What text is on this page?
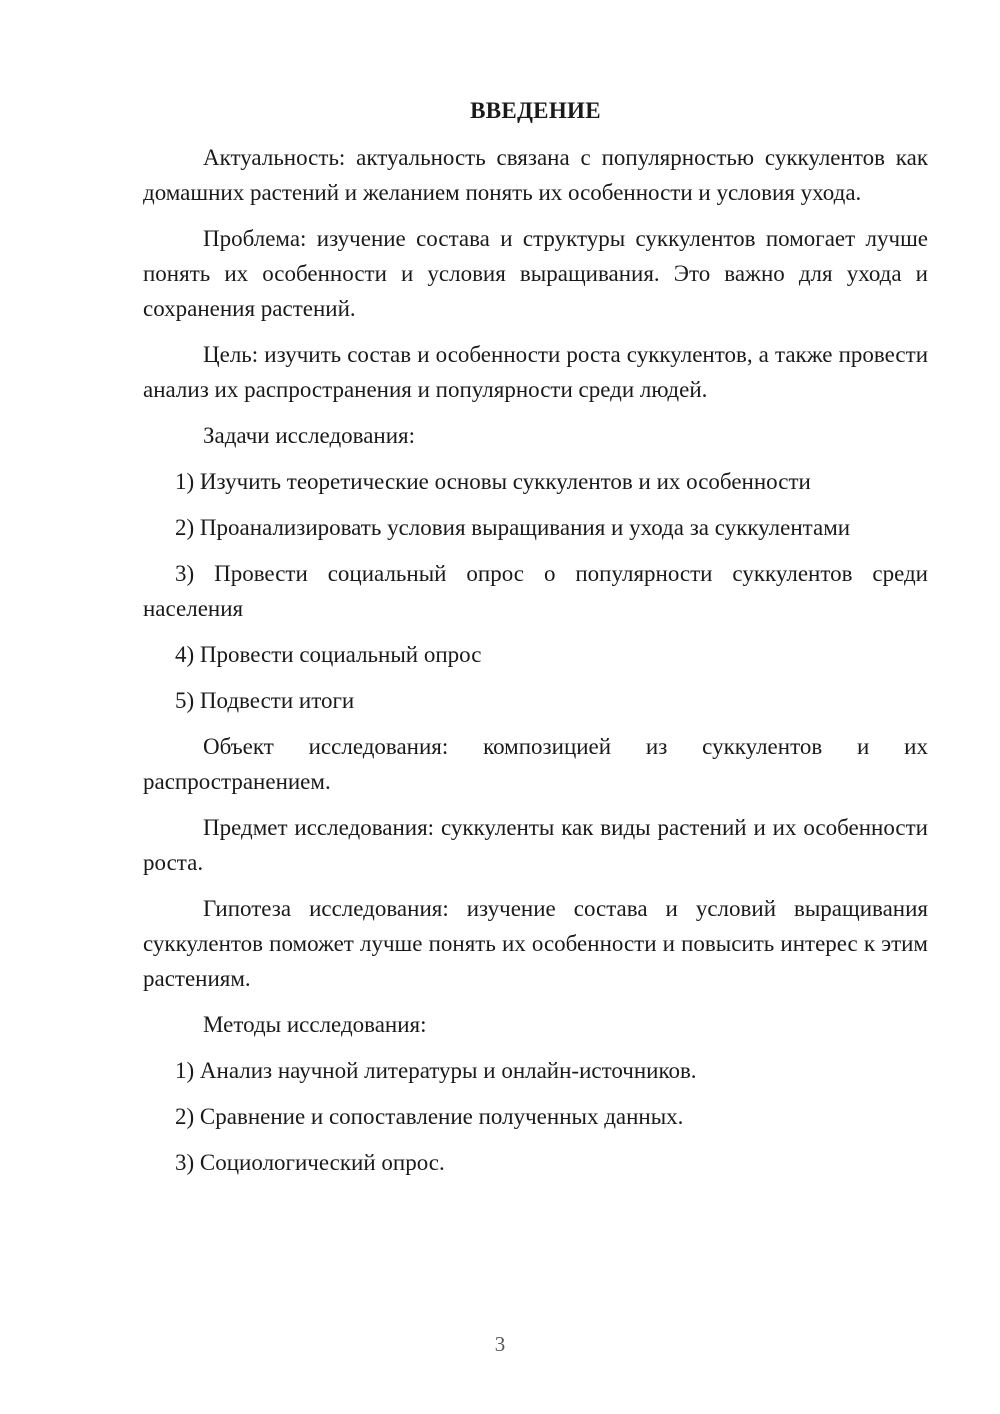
ВВЕДЕНИЕ

Актуальность: актуальность связана с популярностью суккулентов как домашних растений и желанием понять их особенности и условия ухода.

Проблема: изучение состава и структуры суккулентов помогает лучше понять их особенности и условия выращивания. Это важно для ухода и сохранения растений.

Цель: изучить состав и особенности роста суккулентов, а также провести анализ их распространения и популярности среди людей.

Задачи исследования:

1) Изучить теоретические основы суккулентов и их особенности

2) Проанализировать условия выращивания и ухода за суккулентами

3) Провести социальный опрос о популярности суккулентов среди населения

4) Провести социальный опрос

5) Подвести итоги

Объект исследования: композицией из суккулентов и их распространением.

Предмет исследования: суккуленты как виды растений и их особенности роста.

Гипотеза исследования: изучение состава и условий выращивания суккулентов поможет лучше понять их особенности и повысить интерес к этим растениям.

Методы исследования:

1) Анализ научной литературы и онлайн-источников.

2) Сравнение и сопоставление полученных данных.

3) Социологический опрос.

3
